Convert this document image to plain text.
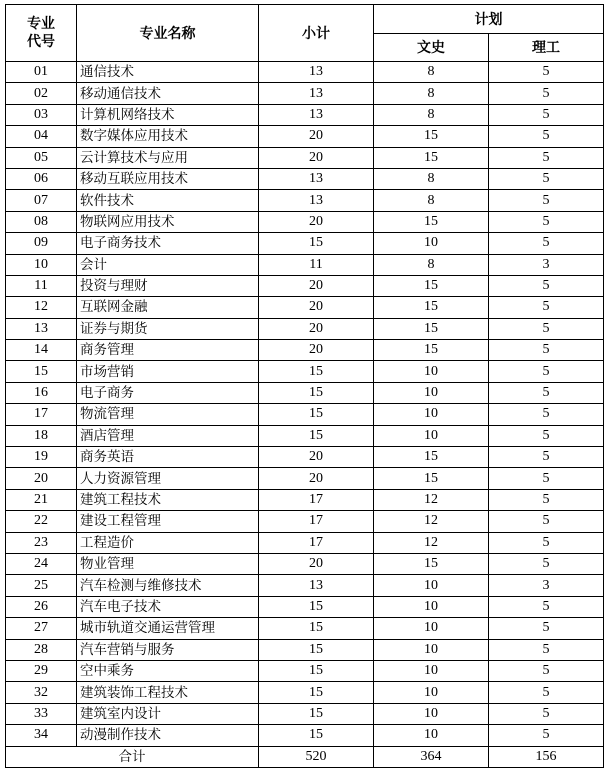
专业
代号	专业名称	小计	计划	
			文史	理工
01	通信技术	13	8	5
02	移动通信技术	13	8	5
03	计算机网络技术	13	8	5
04	数字媒体应用技术	20	15	5
05	云计算技术与应用	20	15	5
06	移动互联应用技术	13	8	5
07	软件技术	13	8	5
08	物联网应用技术	20	15	5
09	电子商务技术	15	10	5
10	会计	11	8	3
11	投资与理财	20	15	5
12	互联网金融	20	15	5
13	证券与期货	20	15	5
14	商务管理	20	15	5
15	市场营销	15	10	5
16	电子商务	15	10	5
17	物流管理	15	10	5
18	酒店管理	15	10	5
19	商务英语	20	15	5
20	人力资源管理	20	15	5
21	建筑工程技术	17	12	5
22	建设工程管理	17	12	5
23	工程造价	17	12	5
24	物业管理	20	15	5
25	汽车检测与维修技术	13	10	3
26	汽车电子技术	15	10	5
27	城市轨道交通运营管理	15	10	5
28	汽车营销与服务	15	10	5
29	空中乘务	15	10	5
32	建筑装饰工程技术	15	10	5
33	建筑室内设计	15	10	5
34	动漫制作技术	15	10	5
合计		520	364	156
